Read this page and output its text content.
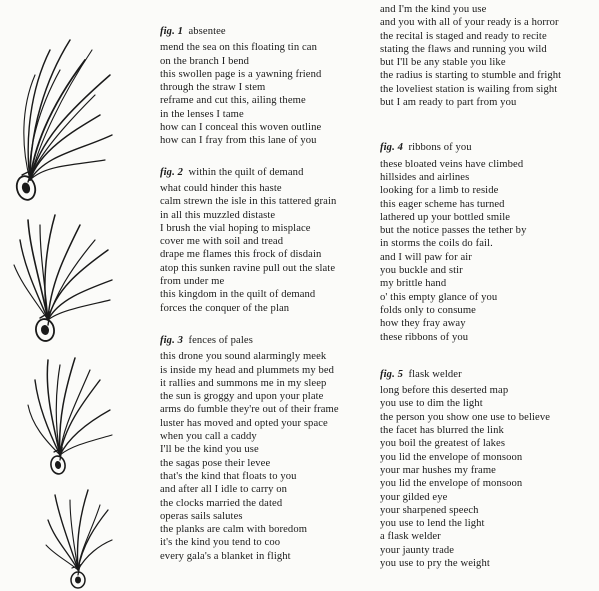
fig. 1 absentee
mend the sea on this floating tin can
on the branch I bend
this swollen page is a yawning friend
through the straw I stem
reframe and cut this, ailing theme
in the lenses I tame
how can I conceal this woven outline
how can I fray from this lane of you
fig. 2 within the quilt of demand
what could hinder this haste
calm strewn the isle in this tattered grain
in all this muzzled distaste
I brush the vial hoping to misplace
cover me with soil and tread
drape me flames this frock of disdain
atop this sunken ravine pull out the slate
from under me
this kingdom in the quilt of demand
forces the conquer of the plan
fig. 3 fences of pales
this drone you sound alarmingly meek
is inside my head and plummets my bed
it rallies and summons me in my sleep
the sun is groggy and upon your plate
arms do fumble they're out of their frame
luster has moved and opted your space
when you call a caddy
I'll be the kind you use
the sagas pose their levee
that's the kind that floats to you
and after all I idle to carry on
the clocks married the dated
operas sails salutes
the planks are calm with boredom
it's the kind you tend to coo
every gala's a blanket in flight
and I'm the kind you use
and you with all of your ready is a horror
the recital is staged and ready to recite
stating the flaws and running you wild
but I'll be any stable you like
the radius is starting to stumble and fright
the loveliest station is wailing from sight
but I am ready to part from you
fig. 4 ribbons of you
these bloated veins have climbed
hillsides and airlines
looking for a limb to reside
this eager scheme has turned
lathered up your bottled smile
but the notice passes the tether by
in storms the coils do fail.
and I will paw for air
you buckle and stir
my brittle hand
o' this empty glance of you
folds only to consume
how they fray away
these ribbons of you
fig. 5 flask welder
long before this deserted map
you use to dim the light
the person you show one use to believe
the facet has blurred the link
you boil the greatest of lakes
you lid the envelope of monsoon
your mar hushes my frame
you lid the envelope of monsoon
your gilded eye
your sharpened speech
you use to lend the light
a flask welder
your jaunty trade
you use to pry the weight
